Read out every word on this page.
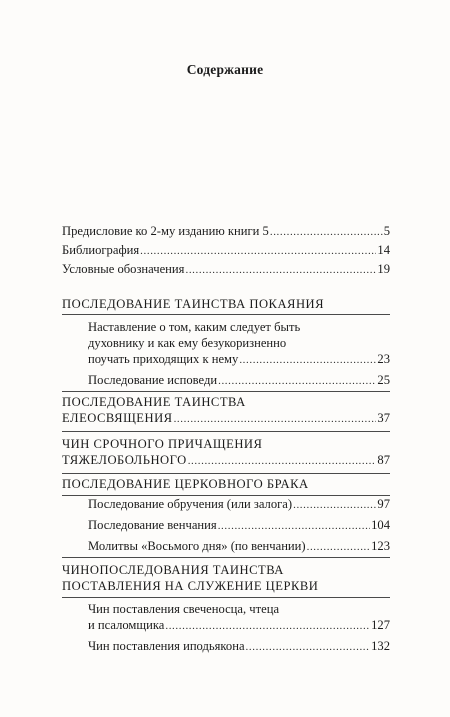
Содержание
Предисловие ко 2-му изданию книги 5 .....	5
Библиография .....	14
Условные обозначения .....	19
ПОСЛЕДОВАНИЕ ТАИНСТВА ПОКАЯНИЯ
Наставление о том, каким следует быть
духовнику и как ему безукоризненно
поучать приходящих к нему .....	23
Последование исповеди .....	25
ПОСЛЕДОВАНИЕ ТАИНСТВА
ЕЛЕОСВЯЩЕНИЯ .....	37
ЧИН СРОЧНОГО ПРИЧАЩЕНИЯ
ТЯЖЕЛОБОЛЬНОГО .....	87
ПОСЛЕДОВАНИЕ ЦЕРКОВНОГО БРАКА
Последование обручения (или залога) .....	97
Последование венчания .....	104
Молитвы «Восьмого дня» (по венчании) .....	123
ЧИНОПОСЛЕДОВАНИЯ ТАИНСТВА
ПОСТАВЛЕНИЯ НА СЛУЖЕНИЕ ЦЕРКВИ
Чин поставления свеченосца, чтеца
и псаломщика .....	127
Чин поставления иподьякона .....	132
